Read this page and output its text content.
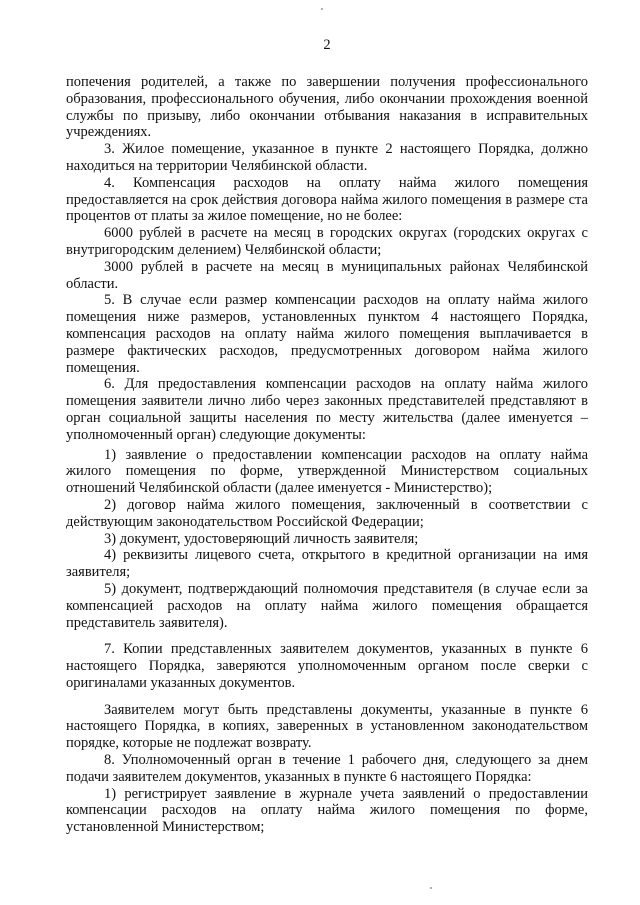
2

попечения родителей, а также по завершении получения профессионального образования, профессионального обучения, либо окончании прохождения военной службы по призыву, либо окончании отбывания наказания в исправительных учреждениях.

3. Жилое помещение, указанное в пункте 2 настоящего Порядка, должно находиться на территории Челябинской области.

4. Компенсация расходов на оплату найма жилого помещения предоставляется на срок действия договора найма жилого помещения в размере ста процентов от платы за жилое помещение, но не более:

6000 рублей в расчете на месяц в городских округах (городских округах с внутригородским делением) Челябинской области;

3000 рублей в расчете на месяц в муниципальных районах Челябинской области.

5. В случае если размер компенсации расходов на оплату найма жилого помещения ниже размеров, установленных пунктом 4 настоящего Порядка, компенсация расходов на оплату найма жилого помещения выплачивается в размере фактических расходов, предусмотренных договором найма жилого помещения.

6. Для предоставления компенсации расходов на оплату найма жилого помещения заявители лично либо через законных представителей представляют в орган социальной защиты населения по месту жительства (далее именуется – уполномоченный орган) следующие документы:

1) заявление о предоставлении компенсации расходов на оплату найма жилого помещения по форме, утвержденной Министерством социальных отношений Челябинской области (далее именуется - Министерство);

2) договор найма жилого помещения, заключенный в соответствии с действующим законодательством Российской Федерации;

3) документ, удостоверяющий личность заявителя;

4) реквизиты лицевого счета, открытого в кредитной организации на имя заявителя;

5) документ, подтверждающий полномочия представителя (в случае если за компенсацией расходов на оплату найма жилого помещения обращается представитель заявителя).

7. Копии представленных заявителем документов, указанных в пункте 6 настоящего Порядка, заверяются уполномоченным органом после сверки с оригиналами указанных документов.

Заявителем могут быть представлены документы, указанные в пункте 6 настоящего Порядка, в копиях, заверенных в установленном законодательством порядке, которые не подлежат возврату.

8. Уполномоченный орган в течение 1 рабочего дня, следующего за днем подачи заявителем документов, указанных в пункте 6 настоящего Порядка:

1) регистрирует заявление в журнале учета заявлений о предоставлении компенсации расходов на оплату найма жилого помещения по форме, установленной Министерством;
